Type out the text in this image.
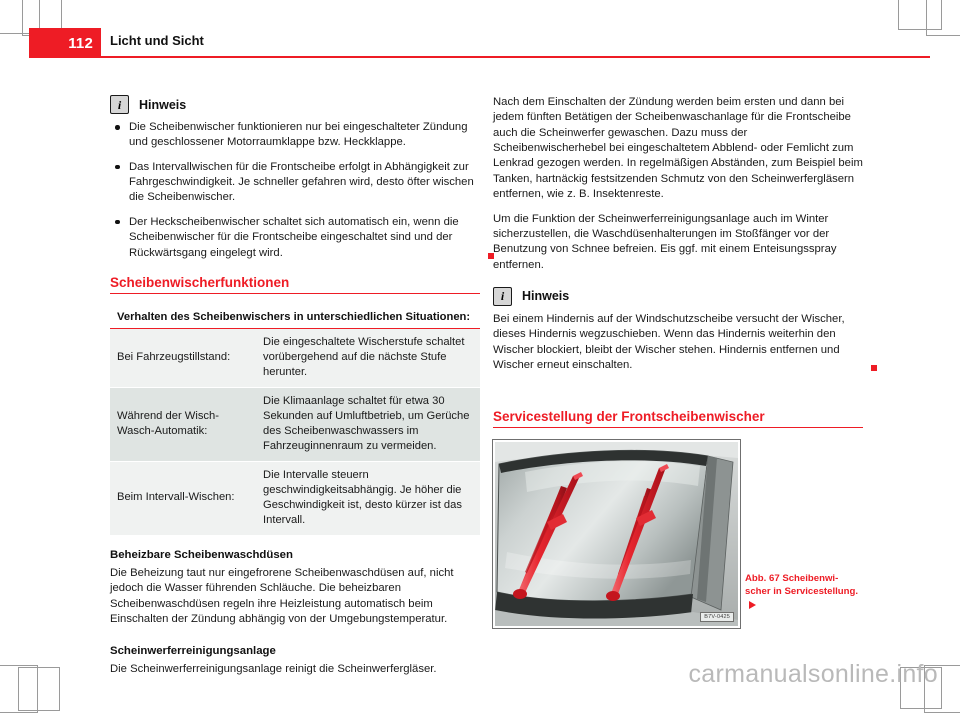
112 Licht und Sicht
i	Hinweis
Die Scheibenwischer funktionieren nur bei eingeschalteter Zündung und geschlossener Motorraumklappe bzw. Heckklappe.
Das Intervallwischen für die Frontscheibe erfolgt in Abhängigkeit zur Fahrgeschwindigkeit. Je schneller gefahren wird, desto öfter wischen die Scheibenwischer.
Der Heckscheibenwischer schaltet sich automatisch ein, wenn die Scheibenwischer für die Frontscheibe eingeschaltet sind und der Rückwärtsgang eingelegt wird.
Scheibenwischerfunktionen
Verhalten des Scheibenwischers in unterschiedlichen Situationen:	
Bei Fahrzeugstillstand:	Die eingeschaltete Wischerstufe schaltet vorübergehend auf die nächste Stufe herunter.
Während der Wisch-Wasch-Automatik:	Die Klimaanlage schaltet für etwa 30 Sekunden auf Umluftbetrieb, um Gerüche des Scheibenwaschwassers im Fahrzeuginnenraum zu vermeiden.
Beim Intervall-Wischen:	Die Intervalle steuern geschwindigkeitsabhängig. Je höher die Geschwindigkeit ist, desto kürzer ist das Intervall.
Beheizbare Scheibenwaschdüsen

Die Beheizung taut nur eingefrorene Scheibenwaschdüsen auf, nicht jedoch die Wasser führenden Schläuche. Die beheizbaren Scheibenwaschdüsen regeln ihre Heizleistung automatisch beim Einschalten der Zündung abhängig von der Umgebungstemperatur.

Scheinwerferreinigungsanlage

Die Scheinwerferreinigungsanlage reinigt die Scheinwerfergläser.

Nach dem Einschalten der Zündung werden beim ersten und dann bei jedem fünften Betätigen der Scheibenwaschanlage für die Frontscheibe auch die Scheinwerfer gewaschen. Dazu muss der Scheibenwischerhebel bei eingeschaltetem Abblend- oder Femlicht zum Lenkrad gezogen werden. In regelmäßigen Abständen, zum Beispiel beim Tanken, hartnäckig festsitzenden Schmutz von den Scheinwerfergläsern entfernen, wie z. B. Insektenreste.

Um die Funktion der Scheinwerferreinigungsanlage auch im Winter sicherzustellen, die Waschdüsenhalterungen im Stoßfänger vor der Benutzung von Schnee befreien. Eis ggf. mit einem Enteisungsspray entfernen.

i	Hinweis

Bei einem Hindernis auf der Windschutzscheibe versucht der Wischer, dieses Hindernis wegzuschieben. Wenn das Hindernis weiterhin den Wischer blockiert, bleibt der Wischer stehen. Hindernis entfernen und Wischer erneut einschalten.

Servicestellung der Frontscheibenwischer
B7V-0425
Abb. 67 Scheibenwi-
scher in Servicestellung.
carmanualsonline.info
